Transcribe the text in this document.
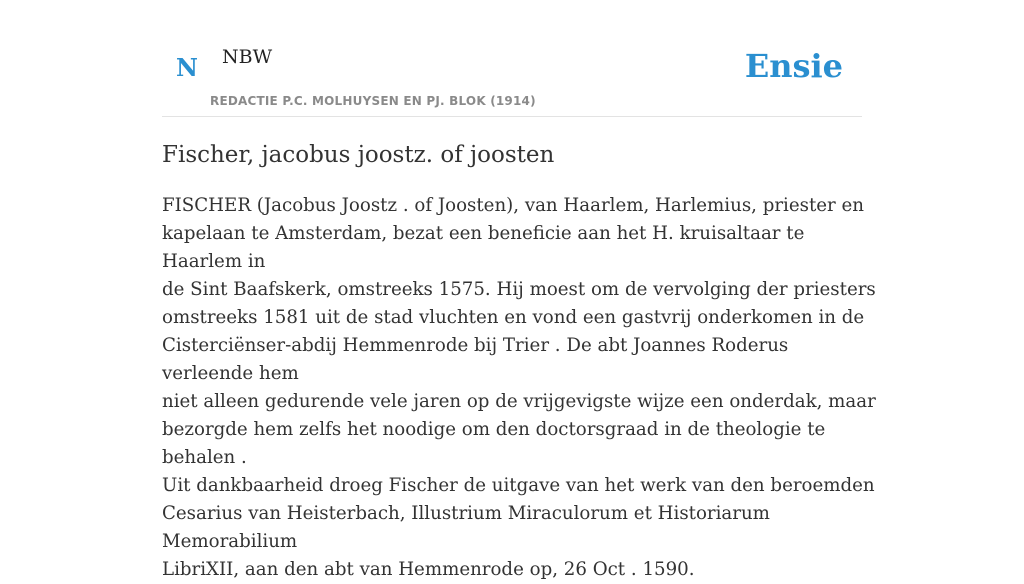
N NBW
REDACTIE P.C. MOLHUYSEN EN PJ. BLOK (1914)
Ensie
Fischer, jacobus joostz. of joosten

FISCHER (Jacobus Joostz . of Joosten), van Haarlem, Harlemius, priester en
kapelaan te Amsterdam, bezat een beneficie aan het H. kruisaltaar te Haarlem in
de Sint Baafskerk, omstreeks 1575. Hij moest om de vervolging der priesters
omstreeks 1581 uit de stad vluchten en vond een gastvrij onderkomen in de
Cisterciënser-abdij Hemmenrode bij Trier . De abt Joannes Roderus verleende hem
niet alleen gedurende vele jaren op de vrijgevigste wijze een onderdak, maar
bezorgde hem zelfs het noodige om den doctorsgraad in de theologie te behalen .
Uit dankbaarheid droeg Fischer de uitgave van het werk van den beroemden
Cesarius van Heisterbach, Illustrium Miraculorum et Historiarum Memorabilium
LibriXII, aan den abt van Hemmenrode op, 26 Oct . 1590.
